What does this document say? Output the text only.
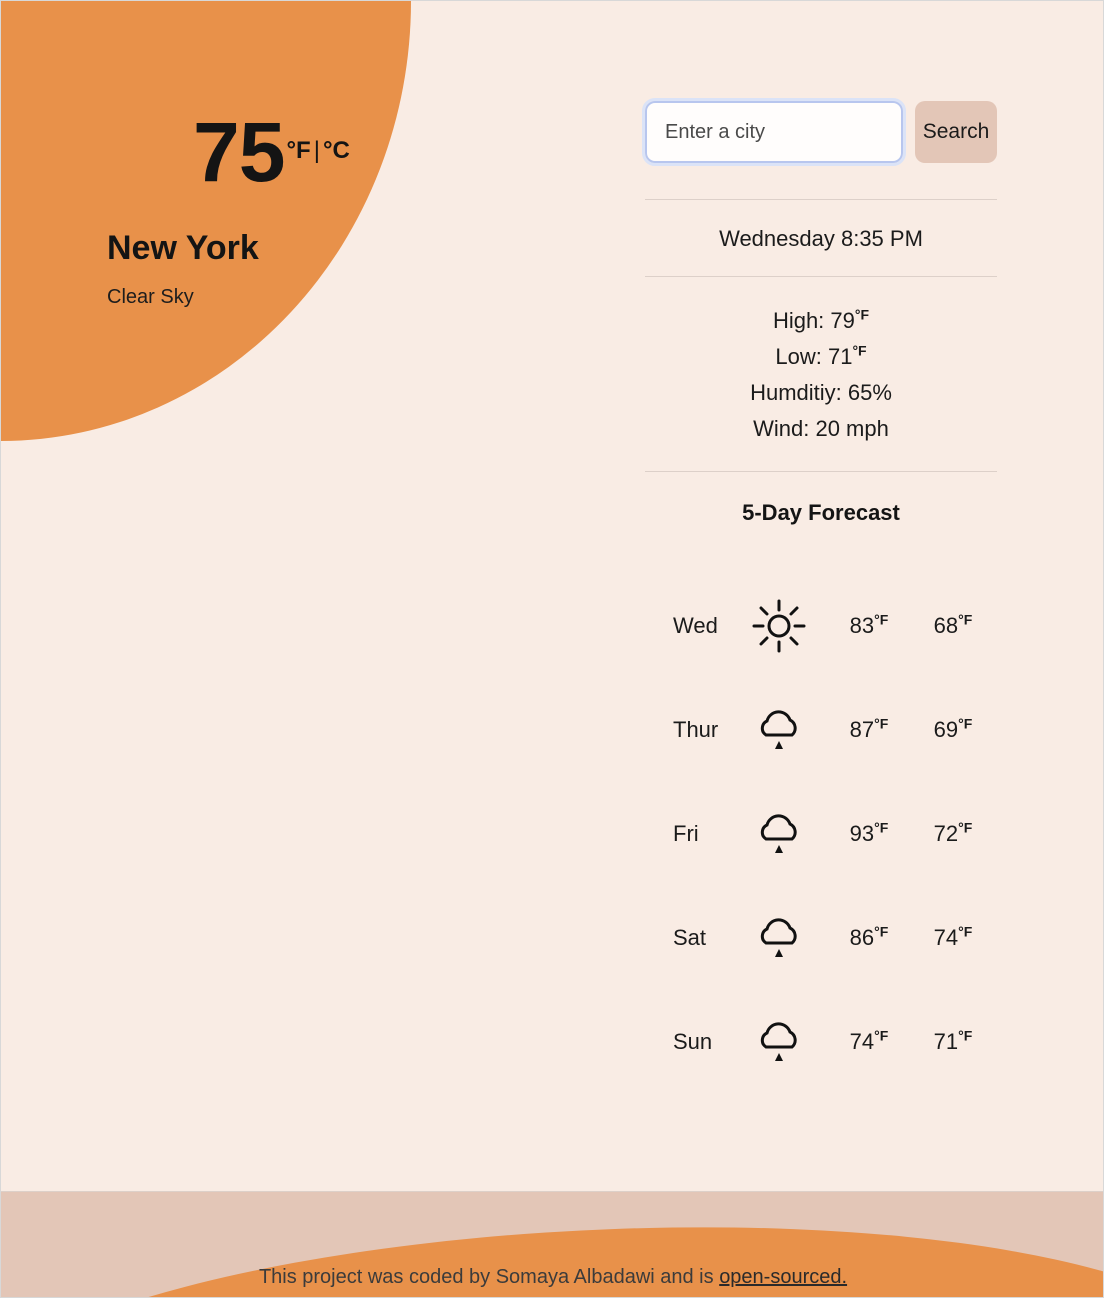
75 °F | °C
New York
Clear Sky
Enter a city
Search
Wednesday 8:35 PM
High: $79^{^\circ F}$
Low: $71^{^\circ F}$
Humditiy: 65%
Wind: 20 mph
5-Day Forecast
Wed	$83^{^\circ F}$	$68^{^\circ F}$
Thur	$87^{^\circ F}$	$69^{^\circ F}$
Fri	$93^{^\circ F}$	$72^{^\circ F}$
Sat	$86^{^\circ F}$	$74^{^\circ F}$
Sun	$74^{^\circ F}$	$71^{^\circ F}$
This project was coded by Somaya Albadawi and is open-sourced.
